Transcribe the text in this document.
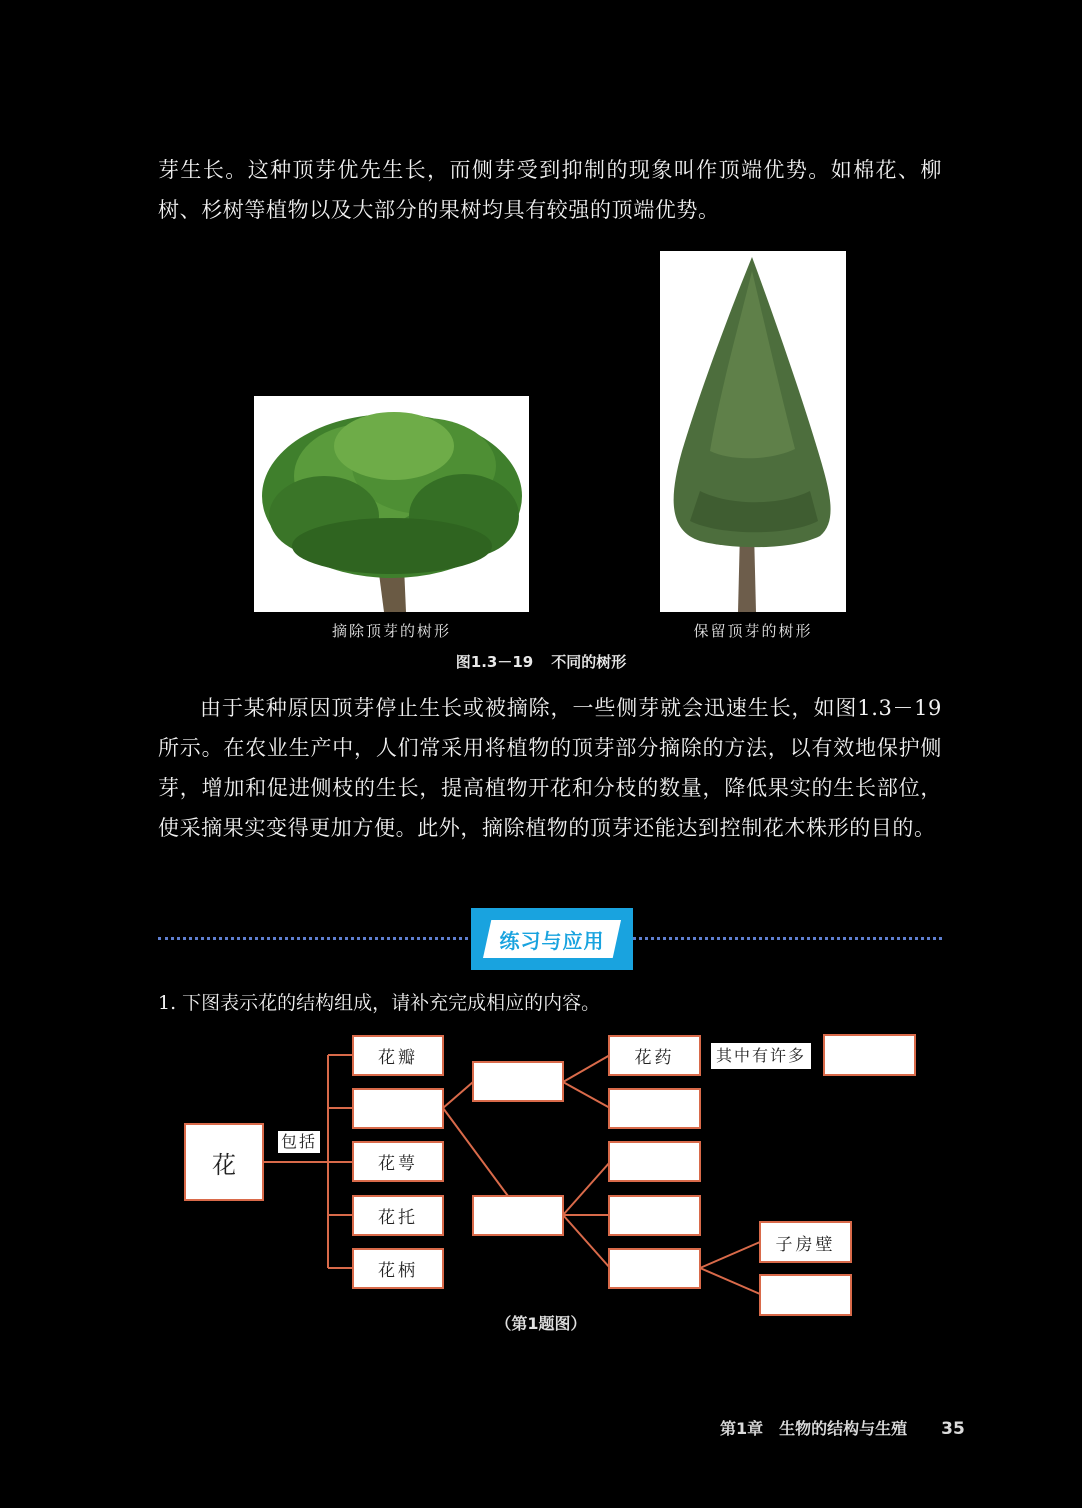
芽生长。这种顶芽优先生长，而侧芽受到抑制的现象叫作顶端优势。如棉花、柳树、杉树等植物以及大部分的果树均具有较强的顶端优势。

摘除顶芽的树形	保留顶芽的树形
图1.3－19 不同的树形

由于某种原因顶芽停止生长或被摘除，一些侧芽就会迅速生长，如图1.3－19所示。在农业生产中，人们常采用将植物的顶芽部分摘除的方法，以有效地保护侧芽，增加和促进侧枝的生长，提高植物开花和分枝的数量，降低果实的生长部位，使采摘果实变得更加方便。此外，摘除植物的顶芽还能达到控制花木株形的目的。

练习与应用
1. 下图表示花的结构组成，请补充完成相应的内容。
花
包括
花瓣
花萼
花托
花柄
花药	其中有许多
子房壁
（第1题图）
第1章　生物的结构与生殖 35
